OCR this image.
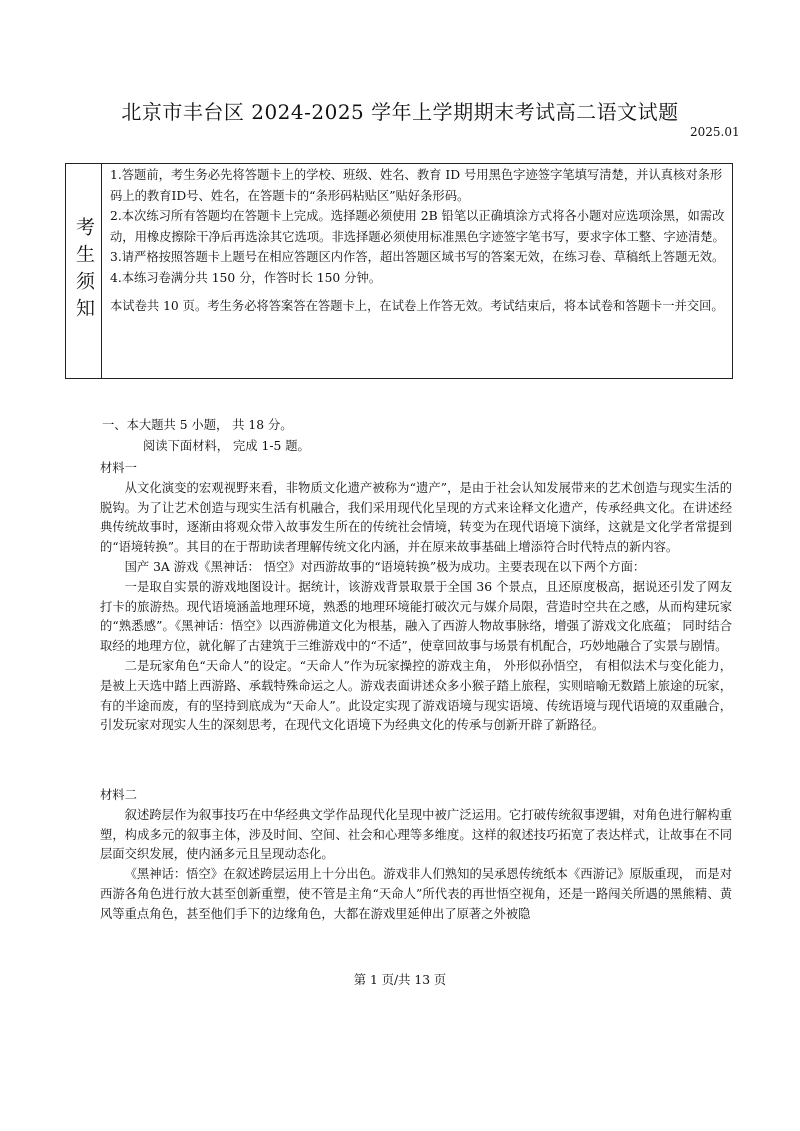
北京市丰台区 2024-2025 学年上学期期末考试高二语文试题
2025.01
考生须知

1.答题前，考生务必先将答题卡上的学校、班级、姓名、教育 ID 号用黑色字迹签字笔填写清楚，并认真核对条形码上的教育ID号、姓名，在答题卡的“条形码粘贴区”贴好条形码。

2.本次练习所有答题均在答题卡上完成。选择题必须使用 2B 铅笔以正确填涂方式将各小题对应选项涂黑，如需改动，用橡皮擦除干净后再选涂其它选项。非选择题必须使用标准黑色字迹签字笔书写，要求字体工整、字迹清楚。

3.请严格按照答题卡上题号在相应答题区内作答，超出答题区域书写的答案无效，在练习卷、草稿纸上答题无效。

4.本练习卷满分共 150 分，作答时长 150 分钟。

本试卷共 10 页。考生务必将答案答在答题卡上，在试卷上作答无效。考试结束后，将本试卷和答题卡一并交回。

一、本大题共 5 小题， 共 18 分。
阅读下面材料， 完成 1-5 题。

材料一

从文化演变的宏观视野来看，非物质文化遗产被称为“遗产”，是由于社会认知发展带来的艺术创造与现实生活的脱钩。为了让艺术创造与现实生活有机融合，我们采用现代化呈现的方式来诠释文化遗产，传承经典文化。在讲述经典传统故事时，逐渐由将观众带入故事发生所在的传统社会情境，转变为在现代语境下演绎，这就是文化学者常提到的“语境转换”。其目的在于帮助读者理解传统文化内涵，并在原来故事基础上增添符合时代特点的新内容。

国产 3A 游戏《黑神话： 悟空》对西游故事的“语境转换”极为成功。主要表现在以下两个方面：

一是取自实景的游戏地图设计。据统计，该游戏背景取景于全国 36 个景点，且还原度极高，据说还引发了网友打卡的旅游热。现代语境涵盖地理环境，熟悉的地理环境能打破次元与媒介局限，营造时空共在之感，从而构建玩家的“熟悉感”。《黑神话：悟空》以西游佛道文化为根基，融入了西游人物故事脉络，增强了游戏文化底蕴； 同时结合取经的地理方位，就化解了古建筑于三维游戏中的“不适”，使章回故事与场景有机配合，巧妙地融合了实景与剧情。

二是玩家角色“天命人”的设定。“天命人”作为玩家操控的游戏主角， 外形似孙悟空， 有相似法术与变化能力，是被上天选中踏上西游路、承载特殊命运之人。游戏表面讲述众多小猴子踏上旅程，实则暗喻无数踏上旅途的玩家，有的半途而废，有的坚持到底成为“天命人”。此设定实现了游戏语境与现实语境、传统语境与现代语境的双重融合， 引发玩家对现实人生的深刻思考，在现代文化语境下为经典文化的传承与创新开辟了新路径。

材料二

叙述跨层作为叙事技巧在中华经典文学作品现代化呈现中被广泛运用。它打破传统叙事逻辑，对角色进行解构重塑，构成多元的叙事主体，涉及时间、空间、社会和心理等多维度。这样的叙述技巧拓宽了表达样式，让故事在不同层面交织发展，使内涵多元且呈现动态化。

《黑神话：悟空》在叙述跨层运用上十分出色。游戏非人们熟知的吴承恩传统纸本《西游记》原版重现， 而是对西游各角色进行放大甚至创新重塑，使不管是主角“天命人”所代表的再世悟空视角，还是一路闯关所遇的黑熊精、黄风等重点角色，甚至他们手下的边缘角色，大都在游戏里延伸出了原著之外被隐

第 1 页/共 13 页
